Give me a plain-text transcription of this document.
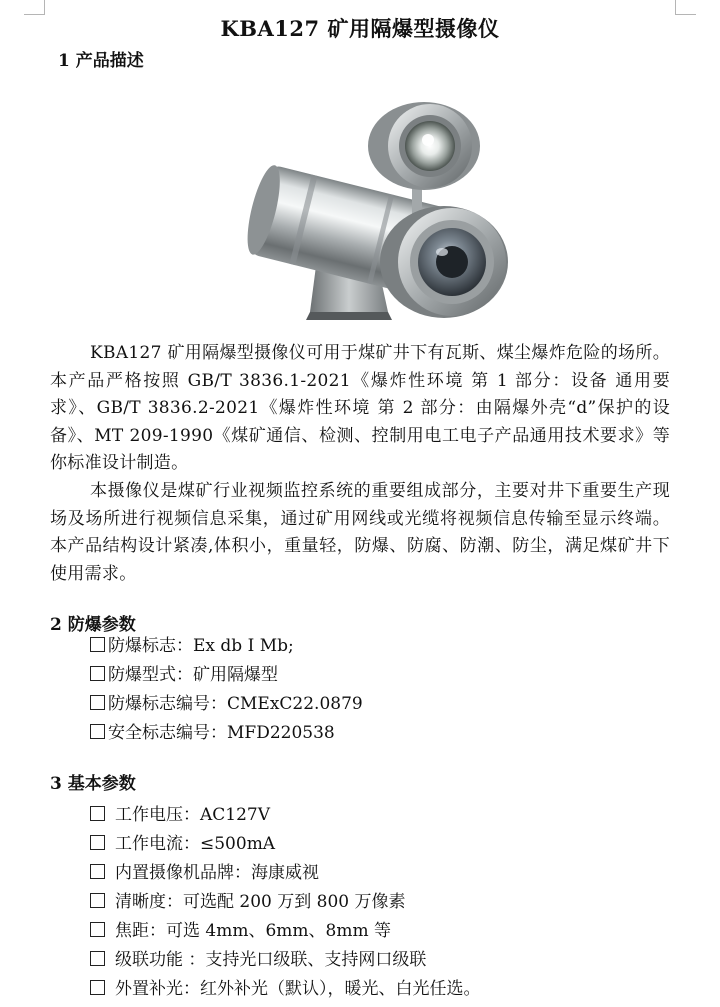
KBA127 矿用隔爆型摄像仪
1 产品描述

KBA127 矿用隔爆型摄像仪可用于煤矿井下有瓦斯、煤尘爆炸危险的场所。本产品严格按照 GB/T 3836.1-2021《爆炸性环境 第 1 部分：设备 通用要求》、GB/T 3836.2-2021《爆炸性环境 第 2 部分：由隔爆外壳“d”保护的设备》、MT 209-1990《煤矿通信、检测、控制用电工电子产品通用技术要求》等你标准设计制造。

本摄像仪是煤矿行业视频监控系统的重要组成部分，主要对井下重要生产现场及场所进行视频信息采集，通过矿用网线或光缆将视频信息传输至显示终端。本产品结构设计紧凑,体积小，重量轻，防爆、防腐、防潮、防尘，满足煤矿井下使用需求。

2 防爆参数
防爆标志：Ex db I Mb;
防爆型式：矿用隔爆型
防爆标志编号：CMExC22.0879
安全标志编号：MFD220538
3 基本参数
工作电压：AC127V
工作电流：≤500mA
内置摄像机品牌：海康威视
清晰度：可选配 200 万到 800 万像素
焦距：可选 4mm、6mm、8mm 等
级联功能 ：支持光口级联、支持网口级联
外置补光：红外补光（默认），暖光、白光任选。
